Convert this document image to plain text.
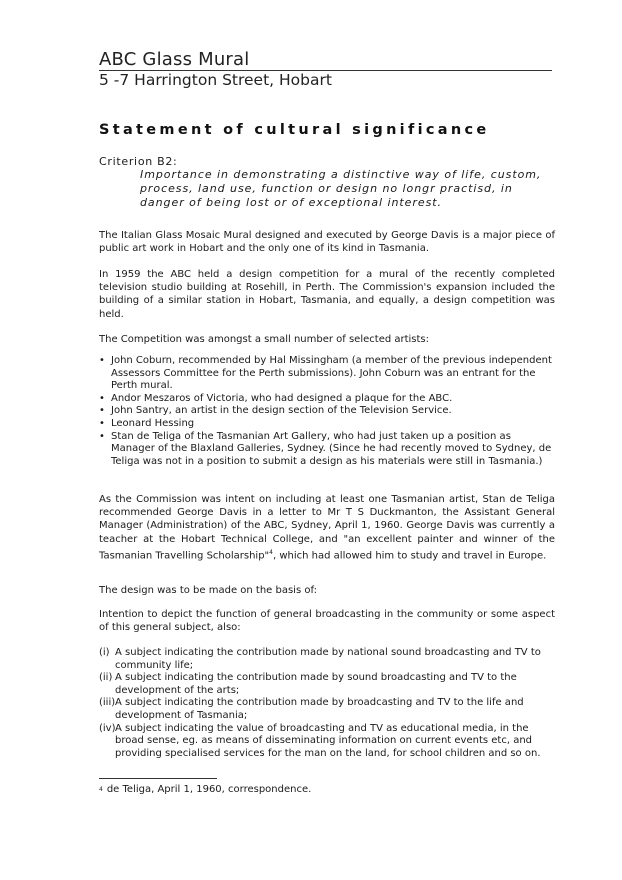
ABC Glass Mural
5 -7 Harrington Street, Hobart
Statement of cultural significance
Criterion B2:
Importance in demonstrating a distinctive way of life, custom, process, land use, function or design no longr practisd, in danger of being lost or of exceptional interest.

The Italian Glass Mosaic Mural designed and executed by George Davis is a major piece of public art work in Hobart and the only one of its kind in Tasmania.

In 1959 the ABC held a design competition for a mural of the recently completed television studio building at Rosehill, in Perth. The Commission's expansion included the building of a similar station in Hobart, Tasmania, and equally, a design competition was held.

The Competition was amongst a small number of selected artists:

• John Coburn, recommended by Hal Missingham (a member of the previous independent Assessors Committee for the Perth submissions). John Coburn was an entrant for the Perth mural.
• Andor Meszaros of Victoria, who had designed a plaque for the ABC.
• John Santry, an artist in the design section of the Television Service.
• Leonard Hessing
• Stan de Teliga of the Tasmanian Art Gallery, who had just taken up a position as Manager of the Blaxland Galleries, Sydney. (Since he had recently moved to Sydney, de Teliga was not in a position to submit a design as his materials were still in Tasmania.)

As the Commission was intent on including at least one Tasmanian artist, Stan de Teliga recommended George Davis in a letter to Mr T S Duckmanton, the Assistant General Manager (Administration) of the ABC, Sydney, April 1, 1960. George Davis was currently a teacher at the Hobart Technical College, and "an excellent painter and winner of the Tasmanian Travelling Scholarship"$^4$, which had allowed him to study and travel in Europe.

The design was to be made on the basis of:

Intention to depict the function of general broadcasting in the community or some aspect of this general subject, also:

(i) A subject indicating the contribution made by national sound broadcasting and TV to community life;
(ii) A subject indicating the contribution made by sound broadcasting and TV to the development of the arts;
(iii) A subject indicating the contribution made by broadcasting and TV to the life and development of Tasmania;
(iv) A subject indicating the value of broadcasting and TV as educational media, in the broad sense, eg. as means of disseminating information on current events etc, and providing specialised services for the man on the land, for school children and so on.
4 de Teliga, April 1, 1960, correspondence.
